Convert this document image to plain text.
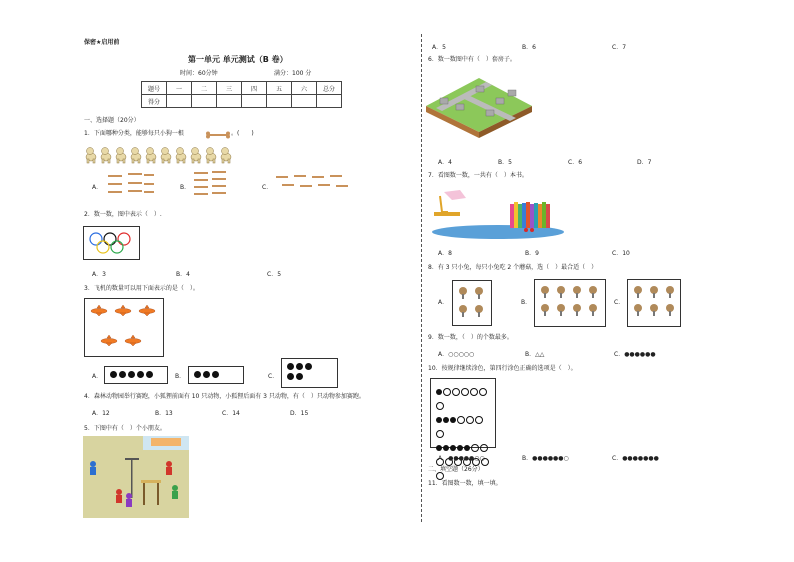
保密★启用前
第一单元 单元测试（B 卷）
时间：60分钟	满分：100 分
题号	一	二	三	四	五	六	总分
得分							
一、选择题（20分）
1．下面哪种分类，能够每只小狗一根	。(　　)
A．	B．	C．
2．数一数，图中表示（　）.
A．3	B．4	C．5
3．飞机的数量可以用下面表示的是（　）。
A．	B．	C．

4．森林动物园举行赛跑，小狐狸前面有 10 只动物，小狐狸后面有 3 只动物，有（　）只动物参加赛跑。
A．12	B．13	C．14	D．15
5．下图中有（　）个小朋友。
A．5	B．6	C．7
6．数一数图中有（　）套房子。
A．4	B．5	C．6	D．7
7．看图数一数，一共有（　）本书。
A．8	B．9	C．10
8．有 3 只小兔，每只小兔吃 2 个蘑菇，选（　）最合适（　）
A．	B．	C．
9．数一数，（　）的个数最多。
A．○○○○○	B．△△	C．●●●●●●
10．按规律继续涂色，第四行涂色正确的选项是（　）。
A．●●●●●○○	B．●●●●●●○	C．●●●●●●●
二、填空题（26分）
11．看图数一数，填一填。
